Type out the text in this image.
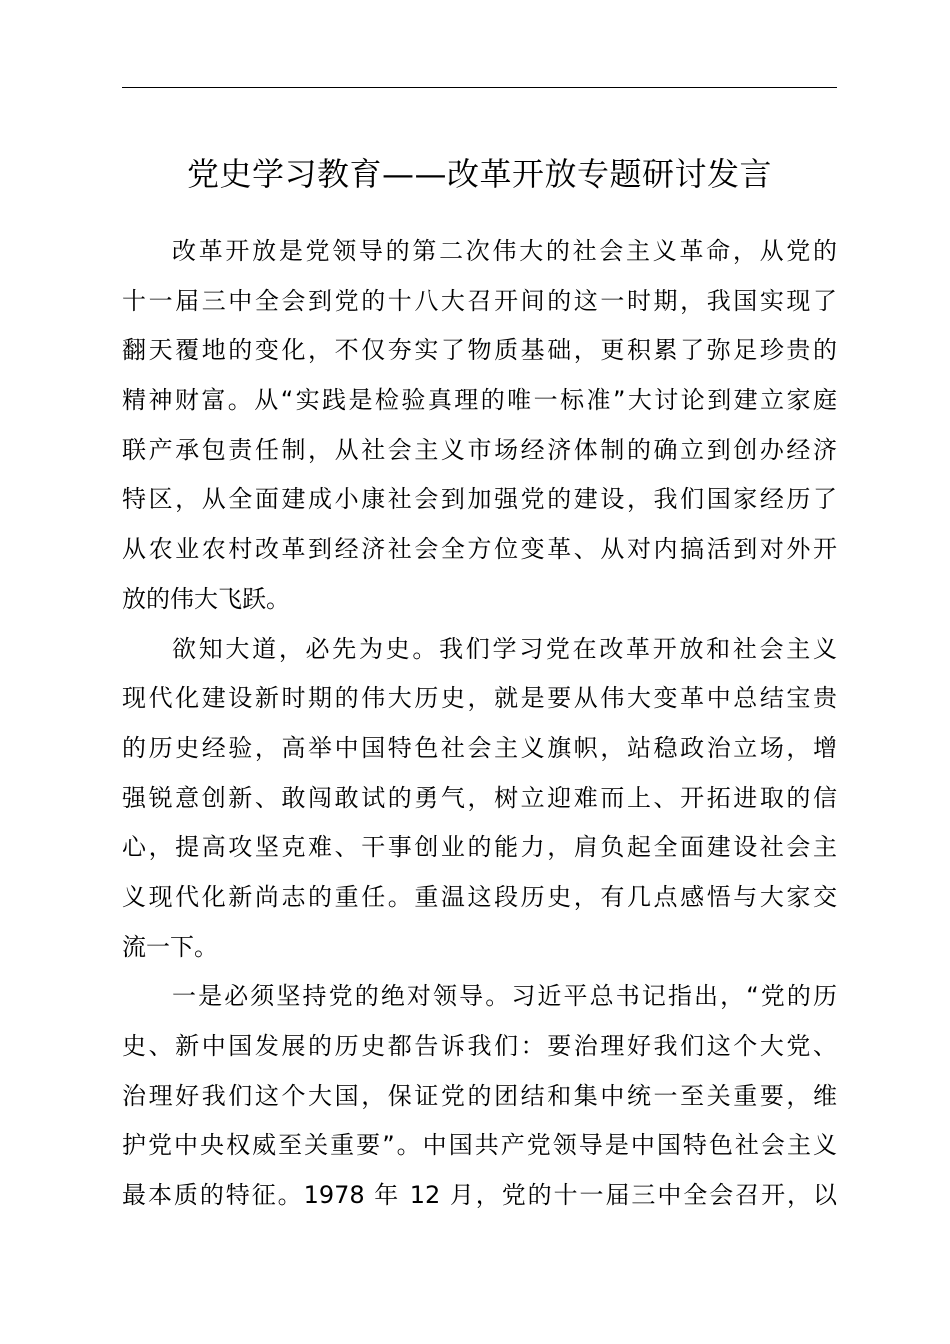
党史学习教育——改革开放专题研讨发言
改革开放是党领导的第二次伟大的社会主义革命，从党的
十一届三中全会到党的十八大召开间的这一时期，我国实现了
翻天覆地的变化，不仅夯实了物质基础，更积累了弥足珍贵的
精神财富。从“实践是检验真理的唯一标准”大讨论到建立家庭
联产承包责任制，从社会主义市场经济体制的确立到创办经济
特区，从全面建成小康社会到加强党的建设，我们国家经历了
从农业农村改革到经济社会全方位变革、从对内搞活到对外开
放的伟大飞跃。
欲知大道，必先为史。我们学习党在改革开放和社会主义
现代化建设新时期的伟大历史，就是要从伟大变革中总结宝贵
的历史经验，高举中国特色社会主义旗帜，站稳政治立场，增
强锐意创新、敢闯敢试的勇气，树立迎难而上、开拓进取的信
心，提高攻坚克难、干事创业的能力，肩负起全面建设社会主
义现代化新尚志的重任。重温这段历史，有几点感悟与大家交
流一下。
一是必须坚持党的绝对领导。习近平总书记指出，“党的历
史、新中国发展的历史都告诉我们：要治理好我们这个大党、
治理好我们这个大国，保证党的团结和集中统一至关重要，维
护党中央权威至关重要”。中国共产党领导是中国特色社会主义
最本质的特征。1978 年 12 月，党的十一届三中全会召开，以
